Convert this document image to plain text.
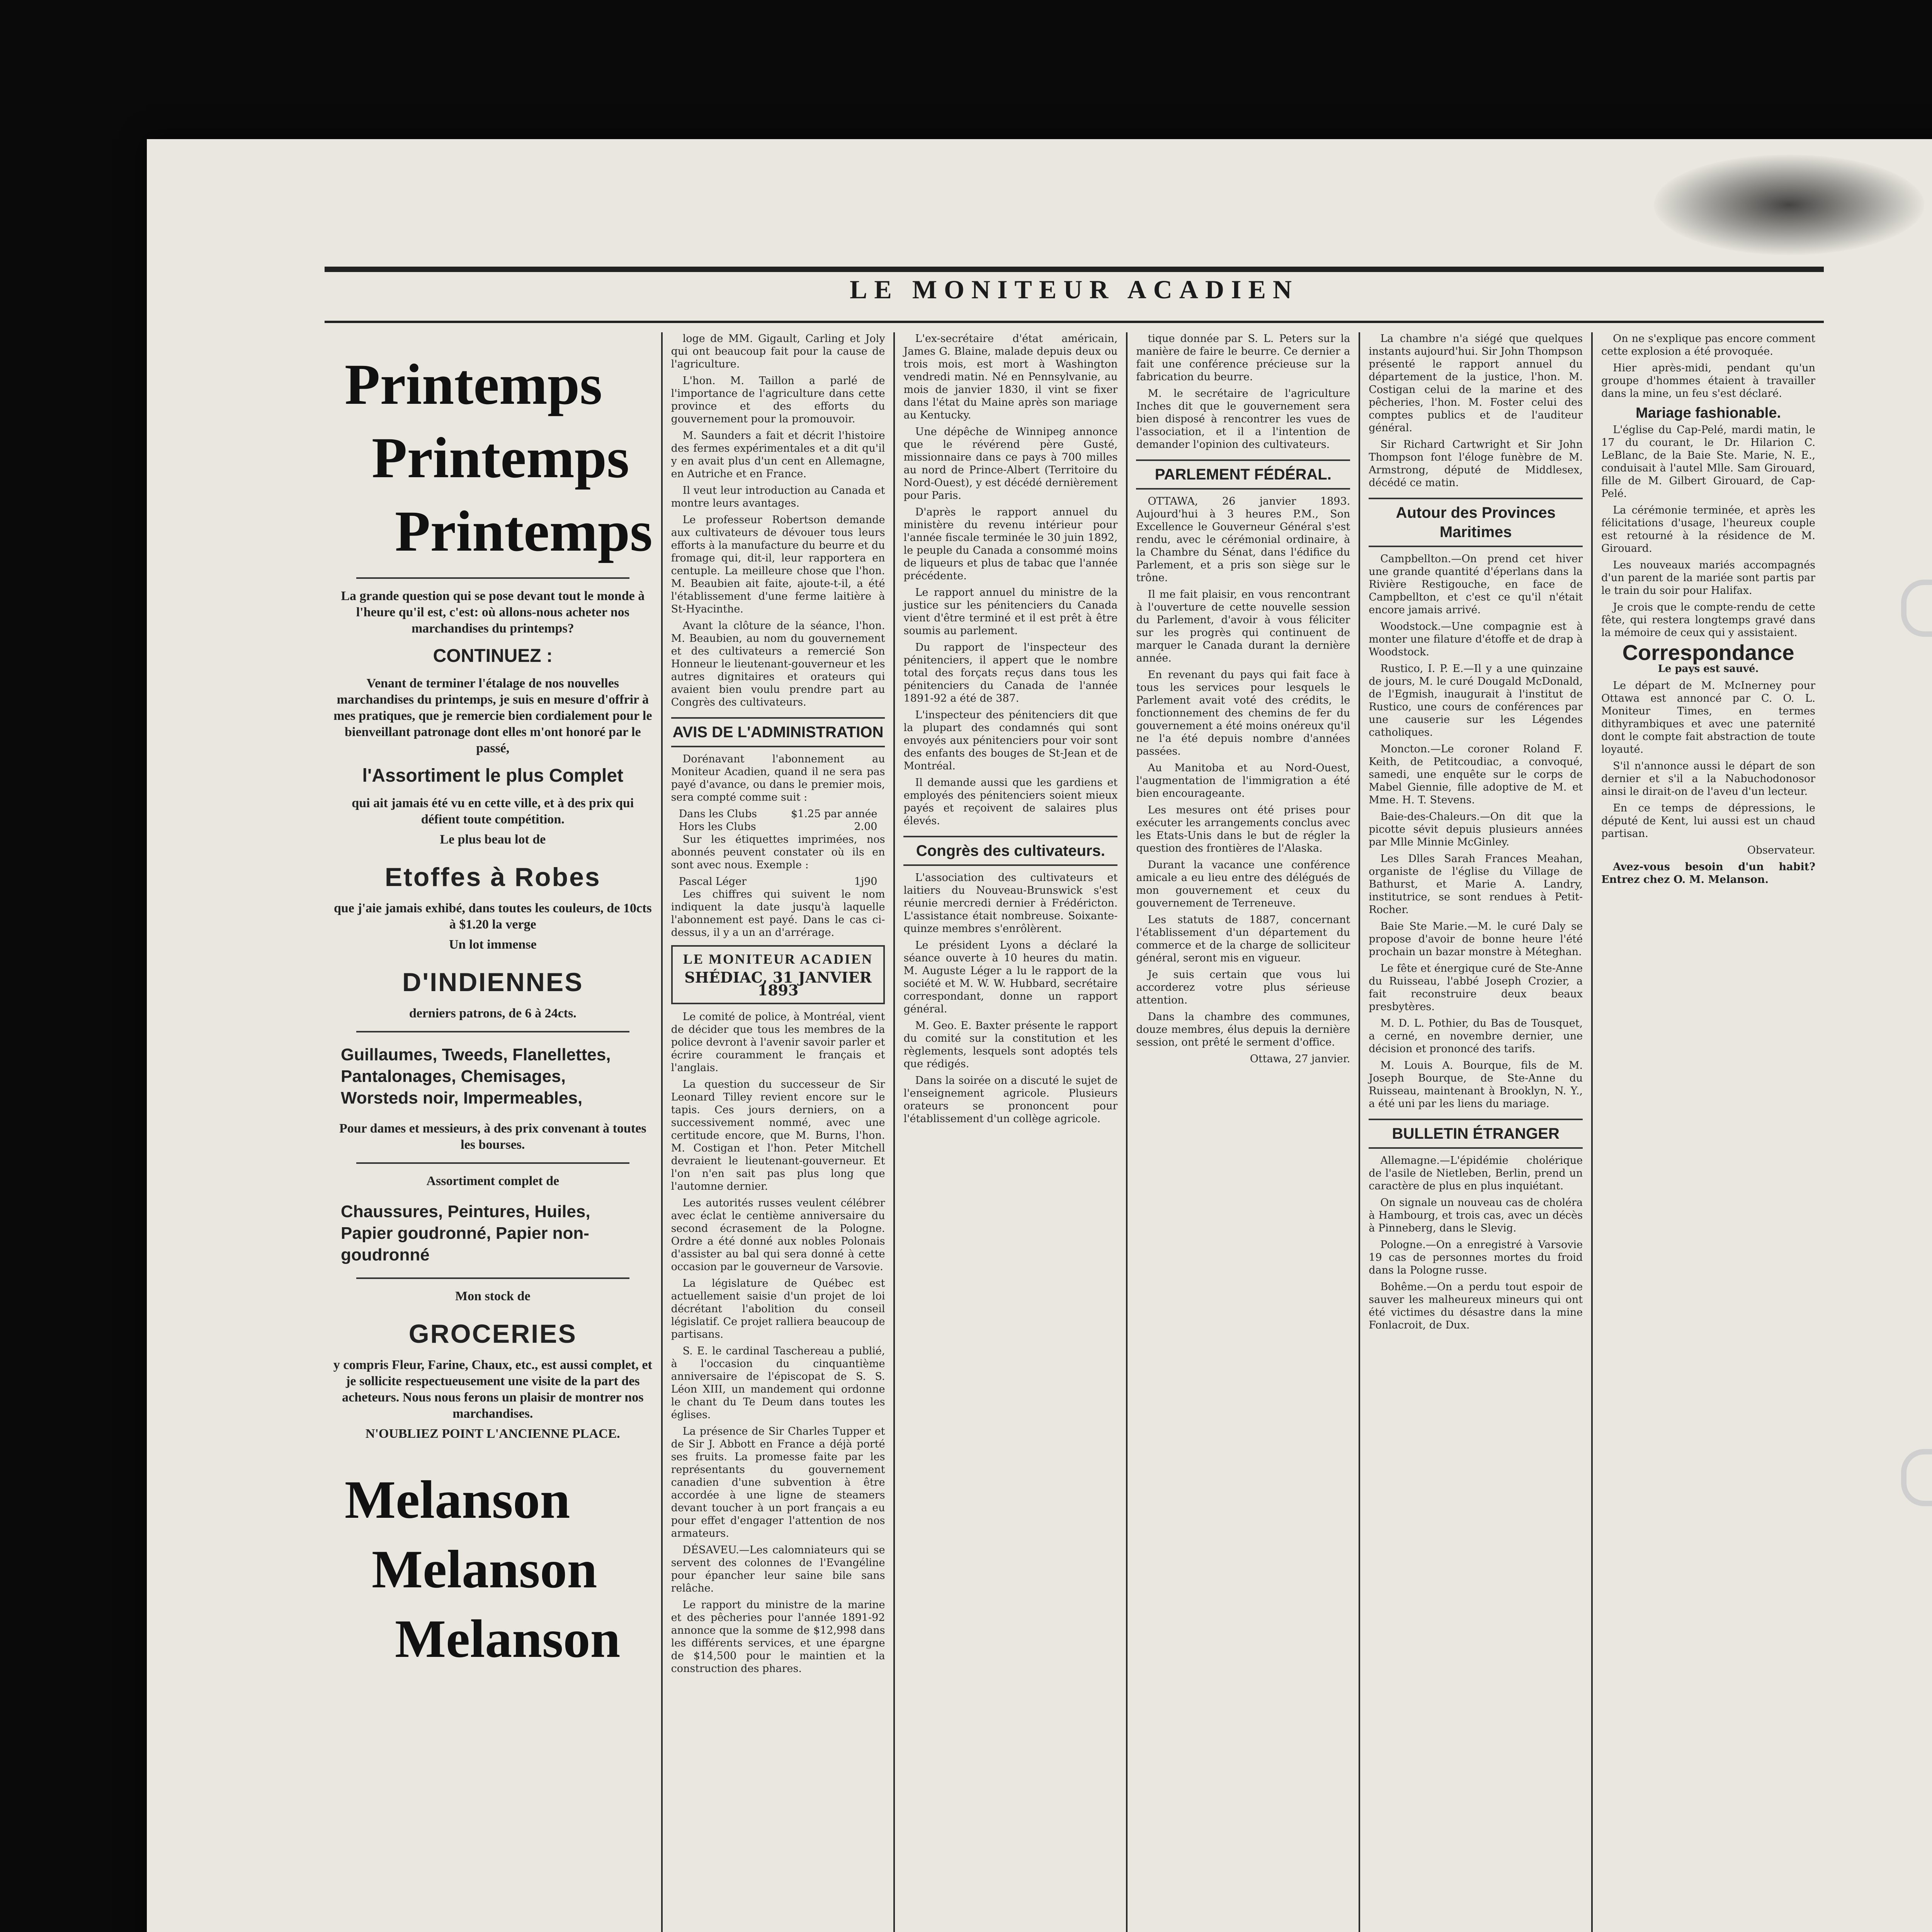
LE MONITEUR ACADIEN
Printemps
Printemps
Printemps
La grande question qui se pose devant tout le monde à l'heure qu'il est, c'est: où allons-nous acheter nos marchandises du printemps?
CONTINUEZ :
Venant de terminer l'étalage de nos nouvelles marchandises du printemps, je suis en mesure d'offrir à mes pratiques, que je remercie bien cordialement pour le bienveillant patronage dont elles m'ont honoré par le passé,
l'Assortiment le plus Complet
qui ait jamais été vu en cette ville, et à des prix qui défient toute compétition.
Le plus beau lot de
Etoffes à Robes
que j'aie jamais exhibé, dans toutes les couleurs, de 10cts à $1.20 la verge
Un lot immense
D'INDIENNES
derniers patrons, de 6 à 24cts.
Guillaumes, Tweeds, Flanellettes, Pantalonages, Chemisages, Worsteds noir, Impermeables,
Pour dames et messieurs, à des prix convenant à toutes les bourses.
Assortiment complet de
Chaussures, Peintures, Huiles, Papier goudronné, Papier non-goudronné
Mon stock de
GROCERIES
y compris Fleur, Farine, Chaux, etc., est aussi complet, et je sollicite respectueusement une visite de la part des acheteurs. Nous nous ferons un plaisir de montrer nos marchandises.
N'OUBLIEZ POINT L'ANCIENNE PLACE.
Melanson
Melanson
Melanson

loge de MM. Gigault, Carling et Joly qui ont beaucoup fait pour la cause de l'agriculture.

L'hon. M. Taillon a parlé de l'importance de l'agriculture dans cette province et des efforts du gouvernement pour la promouvoir.

M. Saunders a fait et décrit l'histoire des fermes expérimentales et a dit qu'il y en avait plus d'un cent en Allemagne, en Autriche et en France.

Il veut leur introduction au Canada et montre leurs avantages.

Le professeur Robertson demande aux cultivateurs de dévouer tous leurs efforts à la manufacture du beurre et du fromage qui, dit-il, leur rapportera en centuple. La meilleure chose que l'hon. M. Beaubien ait faite, ajoute-t-il, a été l'établissement d'une ferme laitière à St-Hyacinthe.

Avant la clôture de la séance, l'hon. M. Beaubien, au nom du gouvernement et des cultivateurs a remercié Son Honneur le lieutenant-gouverneur et les autres dignitaires et orateurs qui avaient bien voulu prendre part au Congrès des cultivateurs.

AVIS DE L'ADMINISTRATION

Dorénavant l'abonnement au Moniteur Acadien, quand il ne sera pas payé d'avance, ou dans le premier mois, sera compté comme suit :

Dans les Clubs	$1.25 par année
Hors les Clubs	2.00

Sur les étiquettes imprimées, nos abonnés peuvent constater où ils en sont avec nous. Exemple :

Pascal Léger	1j90

Les chiffres qui suivent le nom indiquent la date jusqu'à laquelle l'abonnement est payé. Dans le cas ci-dessus, il y a un an d'arrérage.

LE MONITEUR ACADIEN
SHÉDIAC, 31 JANVIER 1893

Le comité de police, à Montréal, vient de décider que tous les membres de la police devront à l'avenir savoir parler et écrire couramment le français et l'anglais.

La question du successeur de Sir Leonard Tilley revient encore sur le tapis. Ces jours derniers, on a successivement nommé, avec une certitude encore, que M. Burns, l'hon. M. Costigan et l'hon. Peter Mitchell devraient le lieutenant-gouverneur. Et l'on n'en sait pas plus long que l'automne dernier.

Les autorités russes veulent célébrer avec éclat le centième anniversaire du second écrasement de la Pologne. Ordre a été donné aux nobles Polonais d'assister au bal qui sera donné à cette occasion par le gouverneur de Varsovie.

La législature de Québec est actuellement saisie d'un projet de loi décrétant l'abolition du conseil législatif. Ce projet ralliera beaucoup de partisans.

S. E. le cardinal Taschereau a publié, à l'occasion du cinquantième anniversaire de l'épiscopat de S. S. Léon XIII, un mandement qui ordonne le chant du Te Deum dans toutes les églises.

La présence de Sir Charles Tupper et de Sir J. Abbott en France a déjà porté ses fruits. La promesse faite par les représentants du gouvernement canadien d'une subvention à être accordée à une ligne de steamers devant toucher à un port français a eu pour effet d'engager l'attention de nos armateurs.

DÉSAVEU.—Les calomniateurs qui se servent des colonnes de l'Evangéline pour épancher leur saine bile sans relâche.

Le rapport du ministre de la marine et des pêcheries pour l'année 1891-92 annonce que la somme de $12,998 dans les différents services, et une épargne de $14,500 pour le maintien et la construction des phares.

L'ex-secrétaire d'état américain, James G. Blaine, malade depuis deux ou trois mois, est mort à Washington vendredi matin. Né en Pennsylvanie, au mois de janvier 1830, il vint se fixer dans l'état du Maine après son mariage au Kentucky.

Une dépêche de Winnipeg annonce que le révérend père Gusté, missionnaire dans ce pays à 700 milles au nord de Prince-Albert (Territoire du Nord-Ouest), y est décédé dernièrement pour Paris.

D'après le rapport annuel du ministère du revenu intérieur pour l'année fiscale terminée le 30 juin 1892, le peuple du Canada a consommé moins de liqueurs et plus de tabac que l'année précédente.

Le rapport annuel du ministre de la justice sur les pénitenciers du Canada vient d'être terminé et il est prêt à être soumis au parlement.

Du rapport de l'inspecteur des pénitenciers, il appert que le nombre total des forçats reçus dans tous les pénitenciers du Canada de l'année 1891-92 a été de 387.

L'inspecteur des pénitenciers dit que la plupart des condamnés qui sont envoyés aux pénitenciers pour voir sont des enfants des bouges de St-Jean et de Montréal.

Il demande aussi que les gardiens et employés des pénitenciers soient mieux payés et reçoivent de salaires plus élevés.

Congrès des cultivateurs.

L'association des cultivateurs et laitiers du Nouveau-Brunswick s'est réunie mercredi dernier à Frédéricton. L'assistance était nombreuse. Soixante-quinze membres s'enrôlèrent.

Le président Lyons a déclaré la séance ouverte à 10 heures du matin. M. Auguste Léger a lu le rapport de la société et M. W. W. Hubbard, secrétaire correspondant, donne un rapport général.

M. Geo. E. Baxter présente le rapport du comité sur la constitution et les règlements, lesquels sont adoptés tels que rédigés.

Dans la soirée on a discuté le sujet de l'enseignement agricole. Plusieurs orateurs se prononcent pour l'établissement d'un collège agricole.

tique donnée par S. L. Peters sur la manière de faire le beurre. Ce dernier a fait une conférence précieuse sur la fabrication du beurre.

M. le secrétaire de l'agriculture Inches dit que le gouvernement sera bien disposé à rencontrer les vues de l'association, et il a l'intention de demander l'opinion des cultivateurs.

PARLEMENT FÉDÉRAL.

OTTAWA, 26 janvier 1893. Aujourd'hui à 3 heures P.M., Son Excellence le Gouverneur Général s'est rendu, avec le cérémonial ordinaire, à la Chambre du Sénat, dans l'édifice du Parlement, et a pris son siège sur le trône.

Il me fait plaisir, en vous rencontrant à l'ouverture de cette nouvelle session du Parlement, d'avoir à vous féliciter sur les progrès qui continuent de marquer le Canada durant la dernière année.

En revenant du pays qui fait face à tous les services pour lesquels le Parlement avait voté des crédits, le fonctionnement des chemins de fer du gouvernement a été moins onéreux qu'il ne l'a été depuis nombre d'années passées.

Au Manitoba et au Nord-Ouest, l'augmentation de l'immigration a été bien encourageante.

Les mesures ont été prises pour exécuter les arrangements conclus avec les Etats-Unis dans le but de régler la question des frontières de l'Alaska.

Durant la vacance une conférence amicale a eu lieu entre des délégués de mon gouvernement et ceux du gouvernement de Terreneuve.

Les statuts de 1887, concernant l'établissement d'un département du commerce et de la charge de solliciteur général, seront mis en vigueur.

Je suis certain que vous lui accorderez votre plus sérieuse attention.

Dans la chambre des communes, douze membres, élus depuis la dernière session, ont prêté le serment d'office.

Ottawa, 27 janvier.

La chambre n'a siégé que quelques instants aujourd'hui. Sir John Thompson présenté le rapport annuel du département de la justice, l'hon. M. Costigan celui de la marine et des pêcheries, l'hon. M. Foster celui des comptes publics et de l'auditeur général.

Sir Richard Cartwright et Sir John Thompson font l'éloge funèbre de M. Armstrong, député de Middlesex, décédé ce matin.

Autour des Provinces Maritimes

Campbellton.—On prend cet hiver une grande quantité d'éperlans dans la Rivière Restigouche, en face de Campbellton, et c'est ce qu'il n'était encore jamais arrivé.

Woodstock.—Une compagnie est à monter une filature d'étoffe et de drap à Woodstock.

Rustico, I. P. E.—Il y a une quinzaine de jours, M. le curé Dougald McDonald, de l'Egmish, inaugurait à l'institut de Rustico, une cours de conférences par une causerie sur les Légendes catholiques.

Moncton.—Le coroner Roland F. Keith, de Petitcoudiac, a convoqué, samedi, une enquête sur le corps de Mabel Giennie, fille adoptive de M. et Mme. H. T. Stevens.

Baie-des-Chaleurs.—On dit que la picotte sévit depuis plusieurs années par Mlle Minnie McGinley.

Les Dlles Sarah Frances Meahan, organiste de l'église du Village de Bathurst, et Marie A. Landry, institutrice, se sont rendues à Petit-Rocher.

Baie Ste Marie.—M. le curé Daly se propose d'avoir de bonne heure l'été prochain un bazar monstre à Méteghan.

Le fête et énergique curé de Ste-Anne du Ruisseau, l'abbé Joseph Crozier, a fait reconstruire deux beaux presbytères.

M. D. L. Pothier, du Bas de Tousquet, a cerné, en novembre dernier, une décision et prononcé des tarifs.

M. Louis A. Bourque, fils de M. Joseph Bourque, de Ste-Anne du Ruisseau, maintenant à Brooklyn, N. Y., a été uni par les liens du mariage.

BULLETIN ÉTRANGER

Allemagne.—L'épidémie cholérique de l'asile de Nietleben, Berlin, prend un caractère de plus en plus inquiétant.

On signale un nouveau cas de choléra à Hambourg, et trois cas, avec un décès à Pinneberg, dans le Slevig.

Pologne.—On a enregistré à Varsovie 19 cas de personnes mortes du froid dans la Pologne russe.

Bohême.—On a perdu tout espoir de sauver les malheureux mineurs qui ont été victimes du désastre dans la mine Fonlacroit, de Dux.

On ne s'explique pas encore comment cette explosion a été provoquée.

Hier après-midi, pendant qu'un groupe d'hommes étaient à travailler dans la mine, un feu s'est déclaré.

Mariage fashionable.

L'église du Cap-Pelé, mardi matin, le 17 du courant, le Dr. Hilarion C. LeBlanc, de la Baie Ste. Marie, N. E., conduisait à l'autel Mlle. Sam Girouard, fille de M. Gilbert Girouard, de Cap-Pelé.

La cérémonie terminée, et après les félicitations d'usage, l'heureux couple est retourné à la résidence de M. Girouard.

Les nouveaux mariés accompagnés d'un parent de la mariée sont partis par le train du soir pour Halifax.

Je crois que le compte-rendu de cette fête, qui restera longtemps gravé dans la mémoire de ceux qui y assistaient.

Correspondance
Le pays est sauvé.

Le départ de M. McInerney pour Ottawa est annoncé par C. O. L. Moniteur Times, en termes dithyrambiques et avec une paternité dont le compte fait abstraction de toute loyauté.

S'il n'annonce aussi le départ de son dernier et s'il a la Nabuchodonosor ainsi le dirait-on de l'aveu d'un lecteur.

En ce temps de dépressions, le député de Kent, lui aussi est un chaud partisan.

Observateur.

Avez-vous besoin d'un habit? Entrez chez O. M. Melanson.
